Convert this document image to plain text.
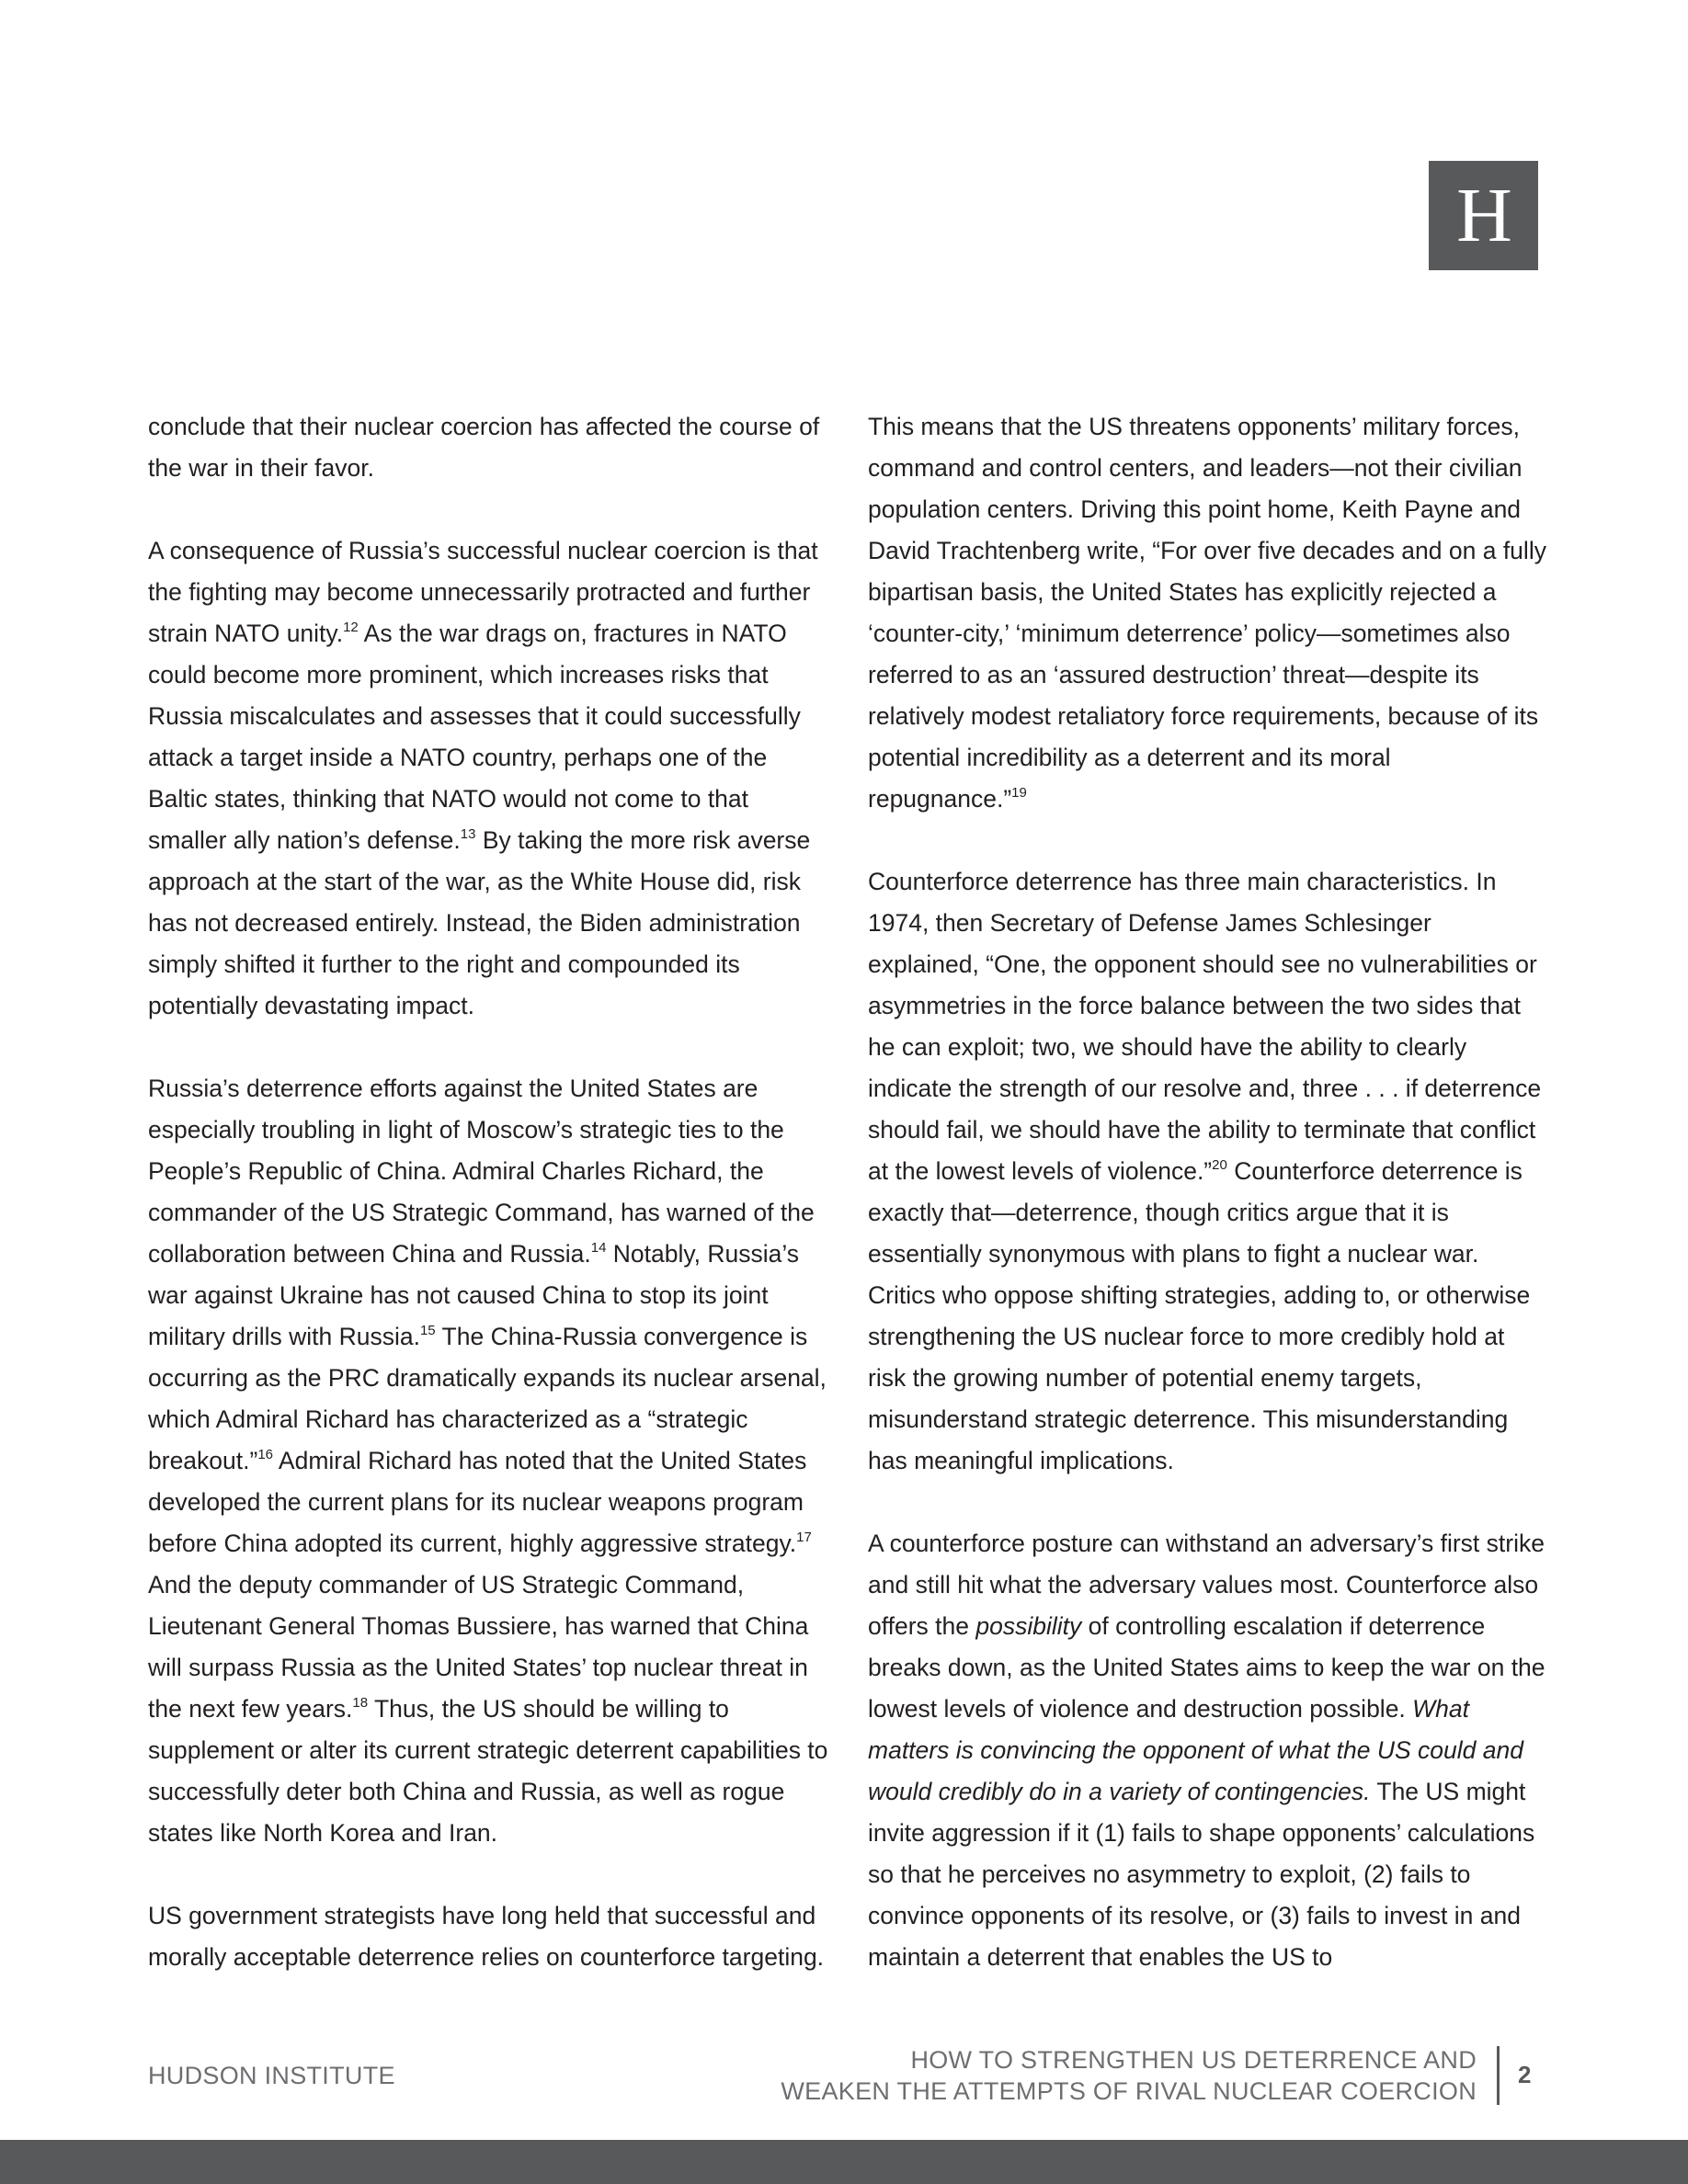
H

conclude that their nuclear coercion has affected the course of the war in their favor.

A consequence of Russia’s successful nuclear coercion is that the fighting may become unnecessarily protracted and further strain NATO unity.$^{12}$ As the war drags on, fractures in NATO could become more prominent, which increases risks that Russia miscalculates and assesses that it could successfully attack a target inside a NATO country, perhaps one of the Baltic states, thinking that NATO would not come to that smaller ally nation’s defense.$^{13}$ By taking the more risk averse approach at the start of the war, as the White House did, risk has not decreased entirely. Instead, the Biden administration simply shifted it further to the right and compounded its potentially devastating impact.

Russia’s deterrence efforts against the United States are especially troubling in light of Moscow’s strategic ties to the People’s Republic of China. Admiral Charles Richard, the commander of the US Strategic Command, has warned of the collaboration between China and Russia.$^{14}$ Notably, Russia’s war against Ukraine has not caused China to stop its joint military drills with Russia.$^{15}$ The China-Russia convergence is occurring as the PRC dramatically expands its nuclear arsenal, which Admiral Richard has characterized as a “strategic breakout.”$^{16}$ Admiral Richard has noted that the United States developed the current plans for its nuclear weapons program before China adopted its current, highly aggressive strategy.$^{17}$ And the deputy commander of US Strategic Command, Lieutenant General Thomas Bussiere, has warned that China will surpass Russia as the United States’ top nuclear threat in the next few years.$^{18}$ Thus, the US should be willing to supplement or alter its current strategic deterrent capabilities to successfully deter both China and Russia, as well as rogue states like North Korea and Iran.

US government strategists have long held that successful and morally acceptable deterrence relies on counterforce targeting.

This means that the US threatens opponents’ military forces, command and control centers, and leaders—not their civilian population centers. Driving this point home, Keith Payne and David Trachtenberg write, “For over five decades and on a fully bipartisan basis, the United States has explicitly rejected a ‘counter-city,’ ‘minimum deterrence’ policy—sometimes also referred to as an ‘assured destruction’ threat—despite its relatively modest retaliatory force requirements, because of its potential incredibility as a deterrent and its moral repugnance.”$^{19}$

Counterforce deterrence has three main characteristics. In 1974, then Secretary of Defense James Schlesinger explained, “One, the opponent should see no vulnerabilities or asymmetries in the force balance between the two sides that he can exploit; two, we should have the ability to clearly indicate the strength of our resolve and, three . . . if deterrence should fail, we should have the ability to terminate that conflict at the lowest levels of violence.”$^{20}$ Counterforce deterrence is exactly that—deterrence, though critics argue that it is essentially synonymous with plans to fight a nuclear war. Critics who oppose shifting strategies, adding to, or otherwise strengthening the US nuclear force to more credibly hold at risk the growing number of potential enemy targets, misunderstand strategic deterrence. This misunderstanding has meaningful implications.

A counterforce posture can withstand an adversary’s first strike and still hit what the adversary values most. Counterforce also offers the possibility of controlling escalation if deterrence breaks down, as the United States aims to keep the war on the lowest levels of violence and destruction possible. What matters is convincing the opponent of what the US could and would credibly do in a variety of contingencies. The US might invite aggression if it (1) fails to shape opponents’ calculations so that he perceives no asymmetry to exploit, (2) fails to convince opponents of its resolve, or (3) fails to invest in and maintain a deterrent that enables the US to

HUDSON INSTITUTE
HOW TO STRENGTHEN US DETERRENCE AND
WEAKEN THE ATTEMPTS OF RIVAL NUCLEAR COERCION
2
